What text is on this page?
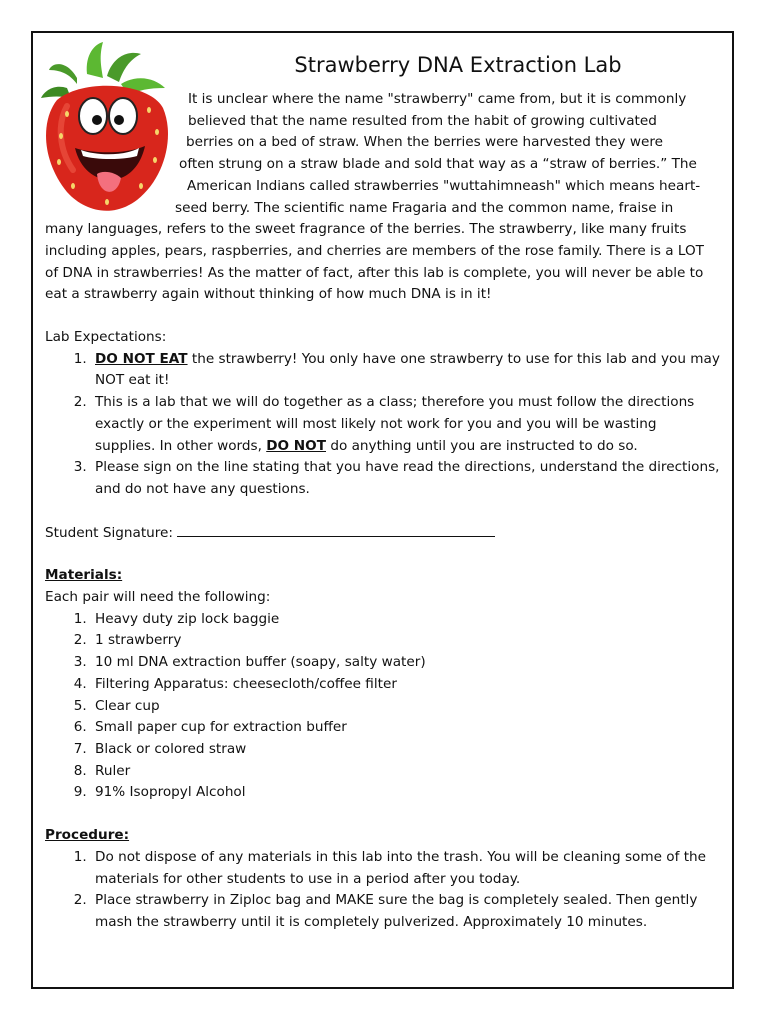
Strawberry DNA Extraction Lab

It is unclear where the name "strawberry" came from, but it is commonly

believed that the name resulted from the habit of growing cultivated

berries on a bed of straw. When the berries were harvested they were

often strung on a straw blade and sold that way as a “straw of berries.” The

American Indians called strawberries "wuttahimneash" which means heart-

seed berry. The scientific name Fragaria and the common name, fraise in

many languages, refers to the sweet fragrance of the berries. The strawberry, like many fruits including apples, pears, raspberries, and cherries are members of the rose family. There is a LOT of DNA in strawberries! As the matter of fact, after this lab is complete, you will never be able to eat a strawberry again without thinking of how much DNA is in it!

Lab Expectations:
1. DO NOT EAT the strawberry! You only have one strawberry to use for this lab and you may NOT eat it!
2. This is a lab that we will do together as a class; therefore you must follow the directions exactly or the experiment will most likely not work for you and you will be wasting supplies. In other words, DO NOT do anything until you are instructed to do so.
3. Please sign on the line stating that you have read the directions, understand the directions, and do not have any questions.
Student Signature:
Materials:
Each pair will need the following:
1. Heavy duty zip lock baggie
2. 1 strawberry
3. 10 ml DNA extraction buffer (soapy, salty water)
4. Filtering Apparatus: cheesecloth/coffee filter
5. Clear cup
6. Small paper cup for extraction buffer
7. Black or colored straw
8. Ruler
9. 91% Isopropyl Alcohol
Procedure:
1. Do not dispose of any materials in this lab into the trash. You will be cleaning some of the materials for other students to use in a period after you today.
2. Place strawberry in Ziploc bag and MAKE sure the bag is completely sealed. Then gently mash the strawberry until it is completely pulverized. Approximately 10 minutes.
